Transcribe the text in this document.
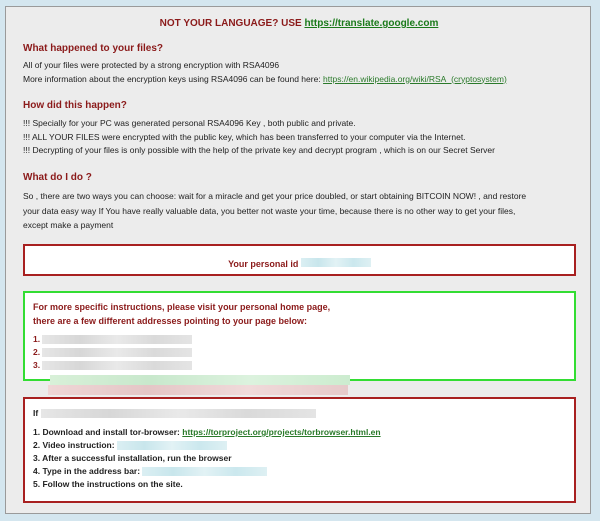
NOT YOUR LANGUAGE? USE https://translate.google.com
What happened to your files?
All of your files were protected by a strong encryption with RSA4096
More information about the encryption keys using RSA4096 can be found here: https://en.wikipedia.org/wiki/RSA_(cryptosystem)
How did this happen?
!!! Specially for your PC was generated personal RSA4096 Key , both public and private.
!!! ALL YOUR FILES were encrypted with the public key, which has been transferred to your computer via the Internet.
!!! Decrypting of your files is only possible with the help of the private key and decrypt program , which is on our Secret Server
What do I do ?
So , there are two ways you can choose: wait for a miracle and get your price doubled, or start obtaining BITCOIN NOW! , and restore
your data easy way If You have really valuable data, you better not waste your time, because there is no other way to get your files,
except make a payment
Your personal id
For more specific instructions, please visit your personal home page,
there are a few different addresses pointing to your page below:
1.
2.
3.
If
1. Download and install tor-browser: https://torproject.org/projects/torbrowser.html.en
2. Video instruction:
3. After a successful installation, run the browser
4. Type in the address bar:
5. Follow the instructions on the site.
